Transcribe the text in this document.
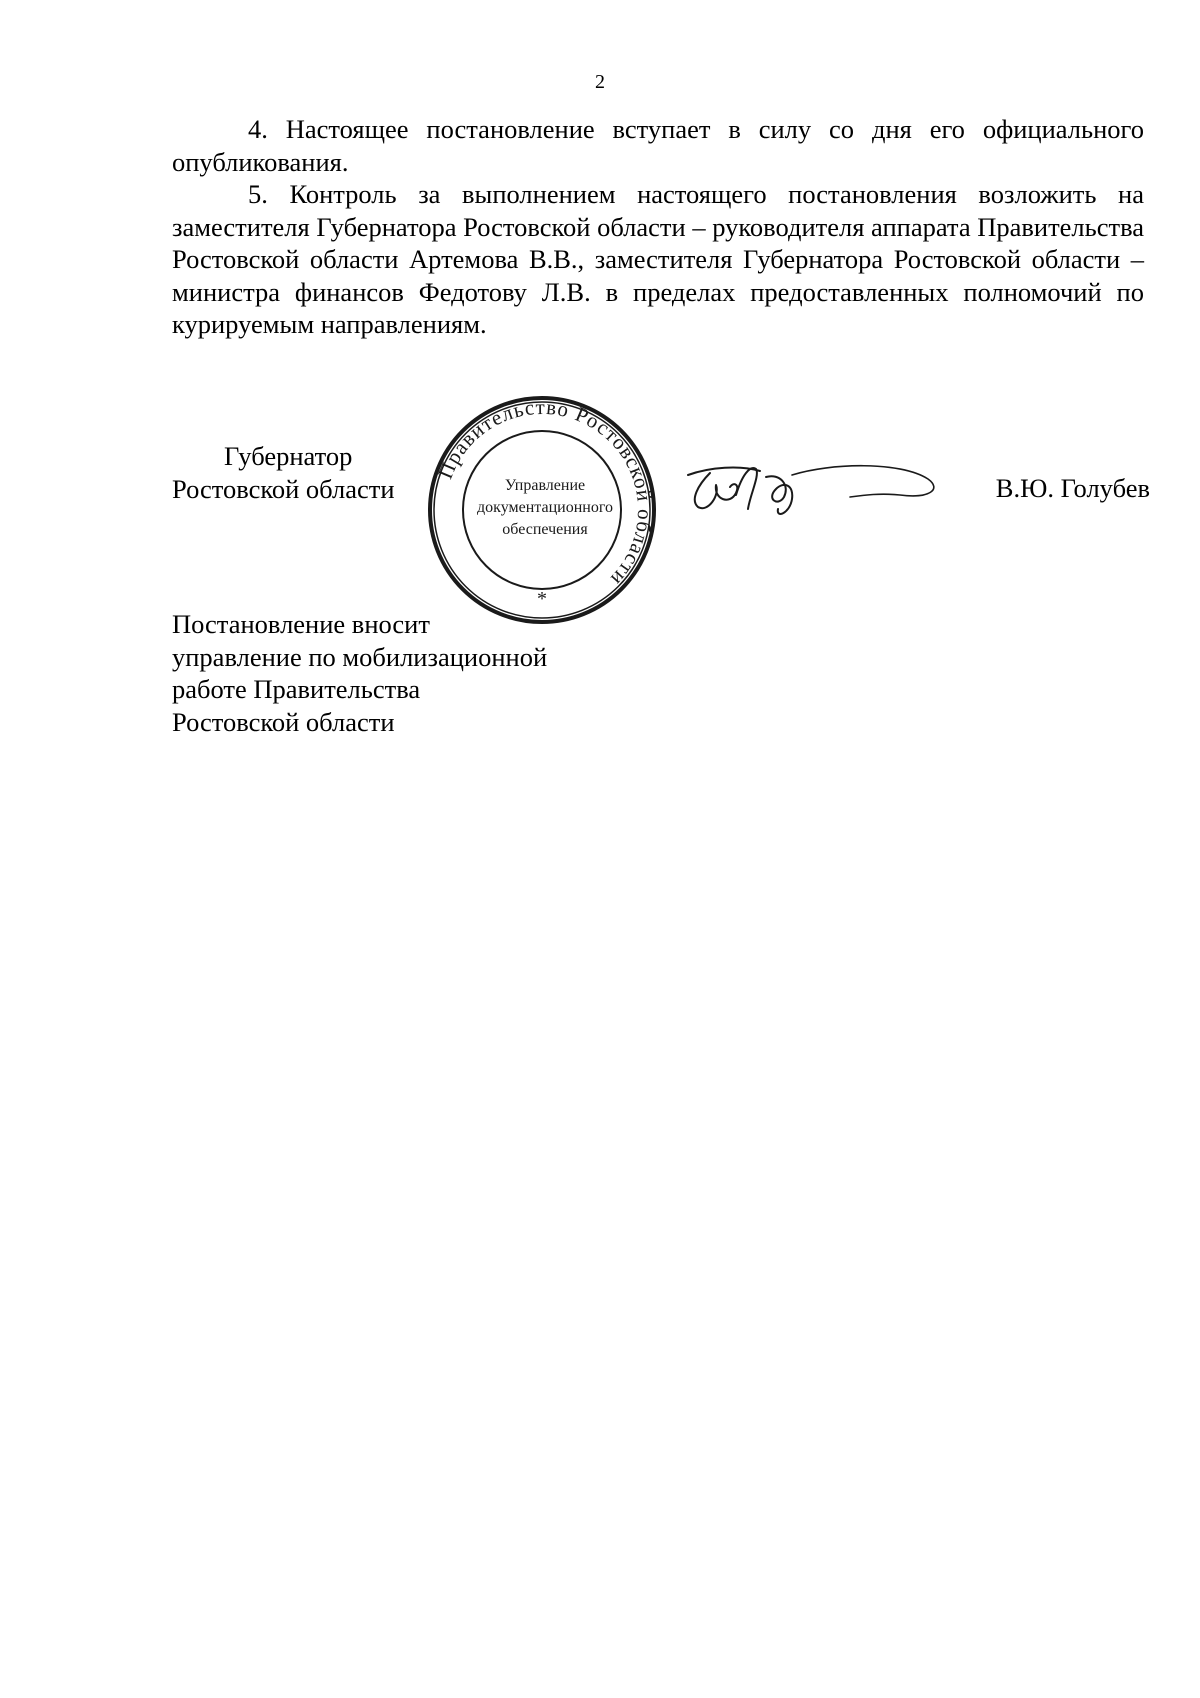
2

4. Настоящее постановление вступает в силу со дня его официального опубликования.

5. Контроль за выполнением настоящего постановления возложить на заместителя Губернатора Ростовской области – руководителя аппарата Правительства Ростовской области Артемова В.В., заместителя Губернатора Ростовской области – министра финансов Федотову Л.В. в пределах предоставленных полномочий по курируемым направлениям.

Губернатор
Ростовской области
Правительство Ростовской области
Управление
документационного
обеспечения
*
В.Ю. Голубев
Постановление вносит
управление по мобилизационной
работе Правительства
Ростовской области
